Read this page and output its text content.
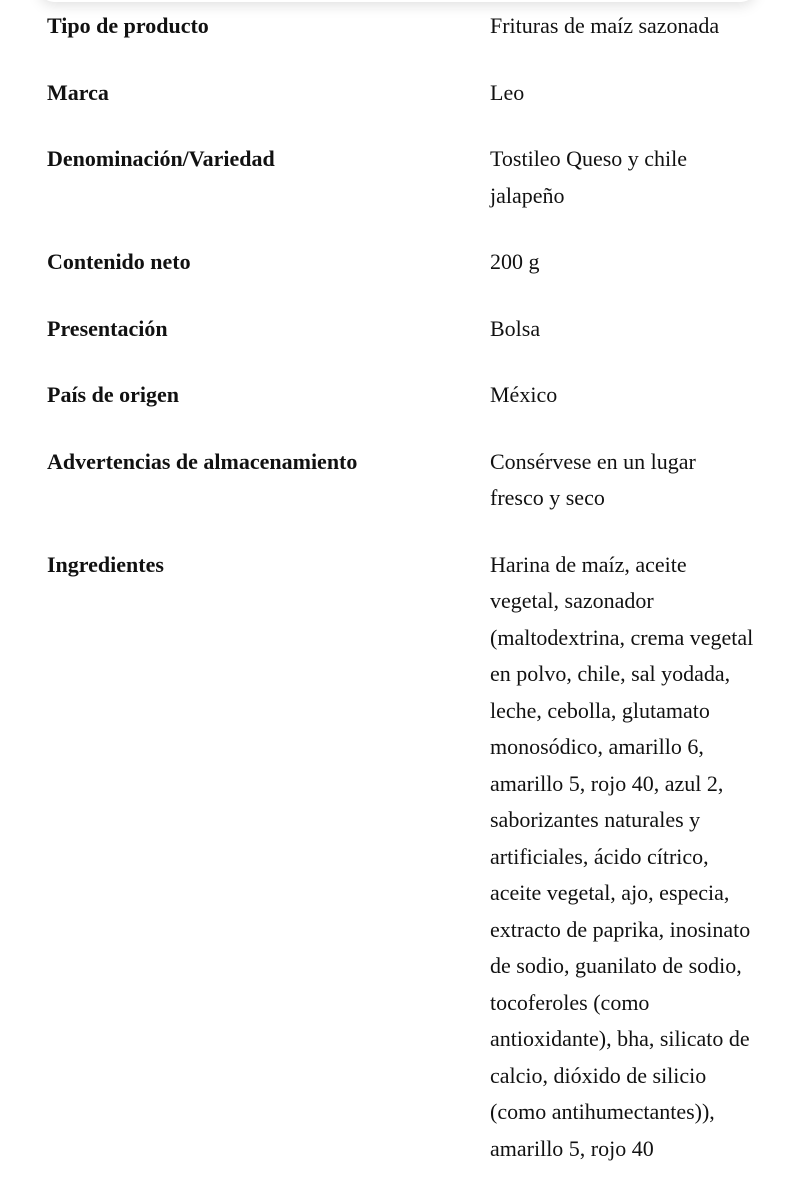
Tipo de producto	Frituras de maíz sazonada
Marca	Leo
Denominación/Variedad	Tostileo Queso y chile jalapeño
Contenido neto	200 g
Presentación	Bolsa
País de origen	México
Advertencias de almacenamiento	Consérvese en un lugar fresco y seco
Ingredientes	Harina de maíz, aceite vegetal, sazonador (maltodextrina, crema vegetal en polvo, chile, sal yodada, leche, cebolla, glutamato monosódico, amarillo 6, amarillo 5, rojo 40, azul 2, saborizantes naturales y artificiales, ácido cítrico, aceite vegetal, ajo, especia, extracto de paprika, inosinato de sodio, guanilato de sodio, tocoferoles (como antioxidante), bha, silicato de calcio, dióxido de silicio (como antihumectantes)), amarillo 5, rojo 40
